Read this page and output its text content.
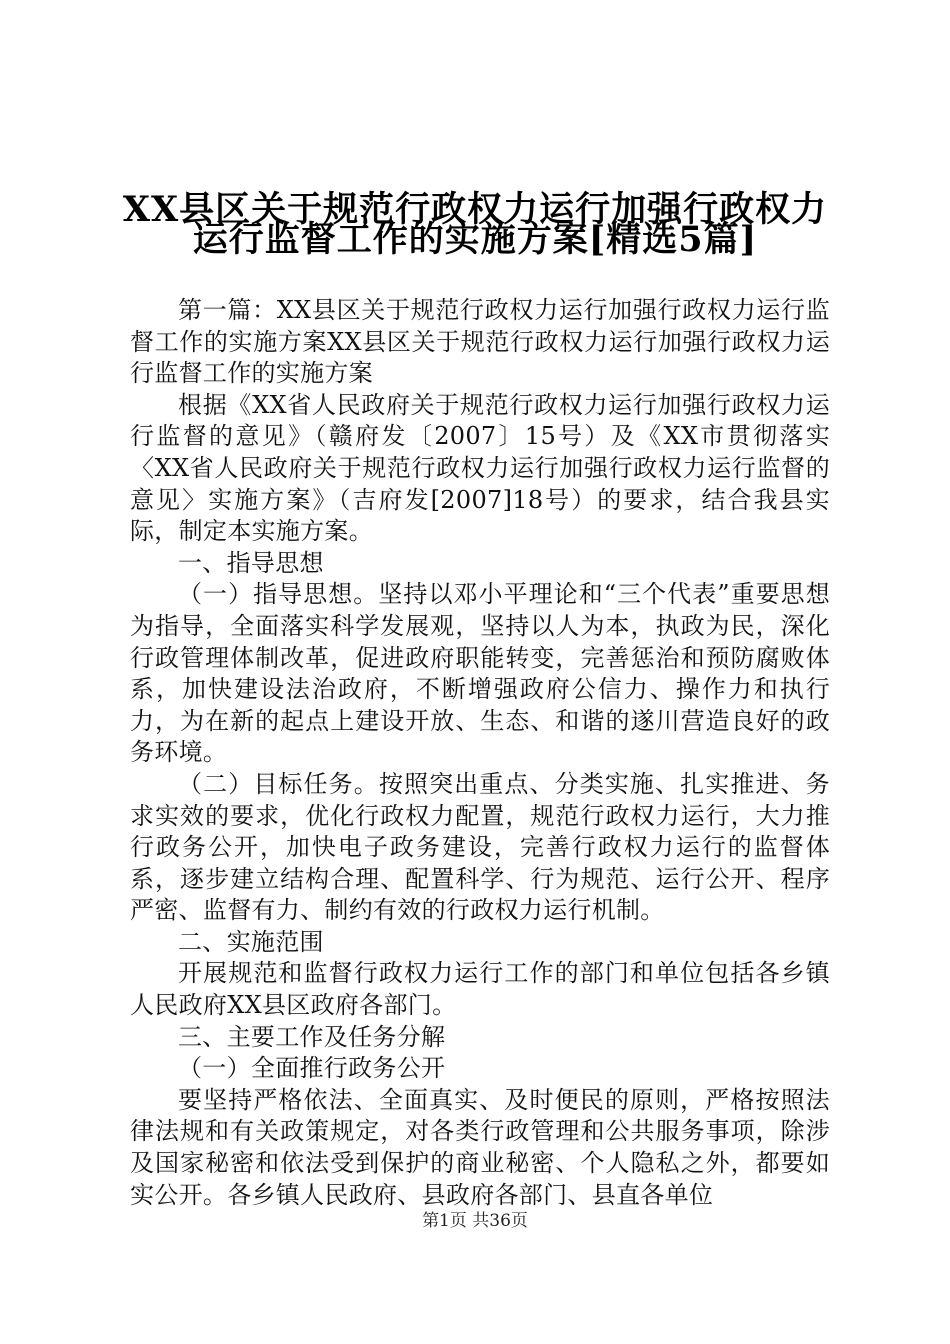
XX县区关于规范行政权力运行加强行政权力
运行监督工作的实施方案[精选5篇]

第一篇：XX县区关于规范行政权力运行加强行政权力运行监督工作的实施方案XX县区关于规范行政权力运行加强行政权力运行监督工作的实施方案

根据《XX省人民政府关于规范行政权力运行加强行政权力运行监督的意见》（赣府发〔2007〕15号）及《XX市贯彻落实〈XX省人民政府关于规范行政权力运行加强行政权力运行监督的意见〉实施方案》（吉府发[2007]18号）的要求，结合我县实际，制定本实施方案。

一、指导思想

（一）指导思想。坚持以邓小平理论和“三个代表”重要思想为指导，全面落实科学发展观，坚持以人为本，执政为民，深化行政管理体制改革，促进政府职能转变，完善惩治和预防腐败体系，加快建设法治政府，不断增强政府公信力、操作力和执行力，为在新的起点上建设开放、生态、和谐的遂川营造良好的政务环境。

（二）目标任务。按照突出重点、分类实施、扎实推进、务求实效的要求，优化行政权力配置，规范行政权力运行，大力推行政务公开，加快电子政务建设，完善行政权力运行的监督体系，逐步建立结构合理、配置科学、行为规范、运行公开、程序严密、监督有力、制约有效的行政权力运行机制。

二、实施范围

开展规范和监督行政权力运行工作的部门和单位包括各乡镇人民政府XX县区政府各部门。

三、主要工作及任务分解

（一）全面推行政务公开

要坚持严格依法、全面真实、及时便民的原则，严格按照法律法规和有关政策规定，对各类行政管理和公共服务事项，除涉及国家秘密和依法受到保护的商业秘密、个人隐私之外，都要如实公开。各乡镇人民政府、县政府各部门、县直各单位

第1页 共36页
